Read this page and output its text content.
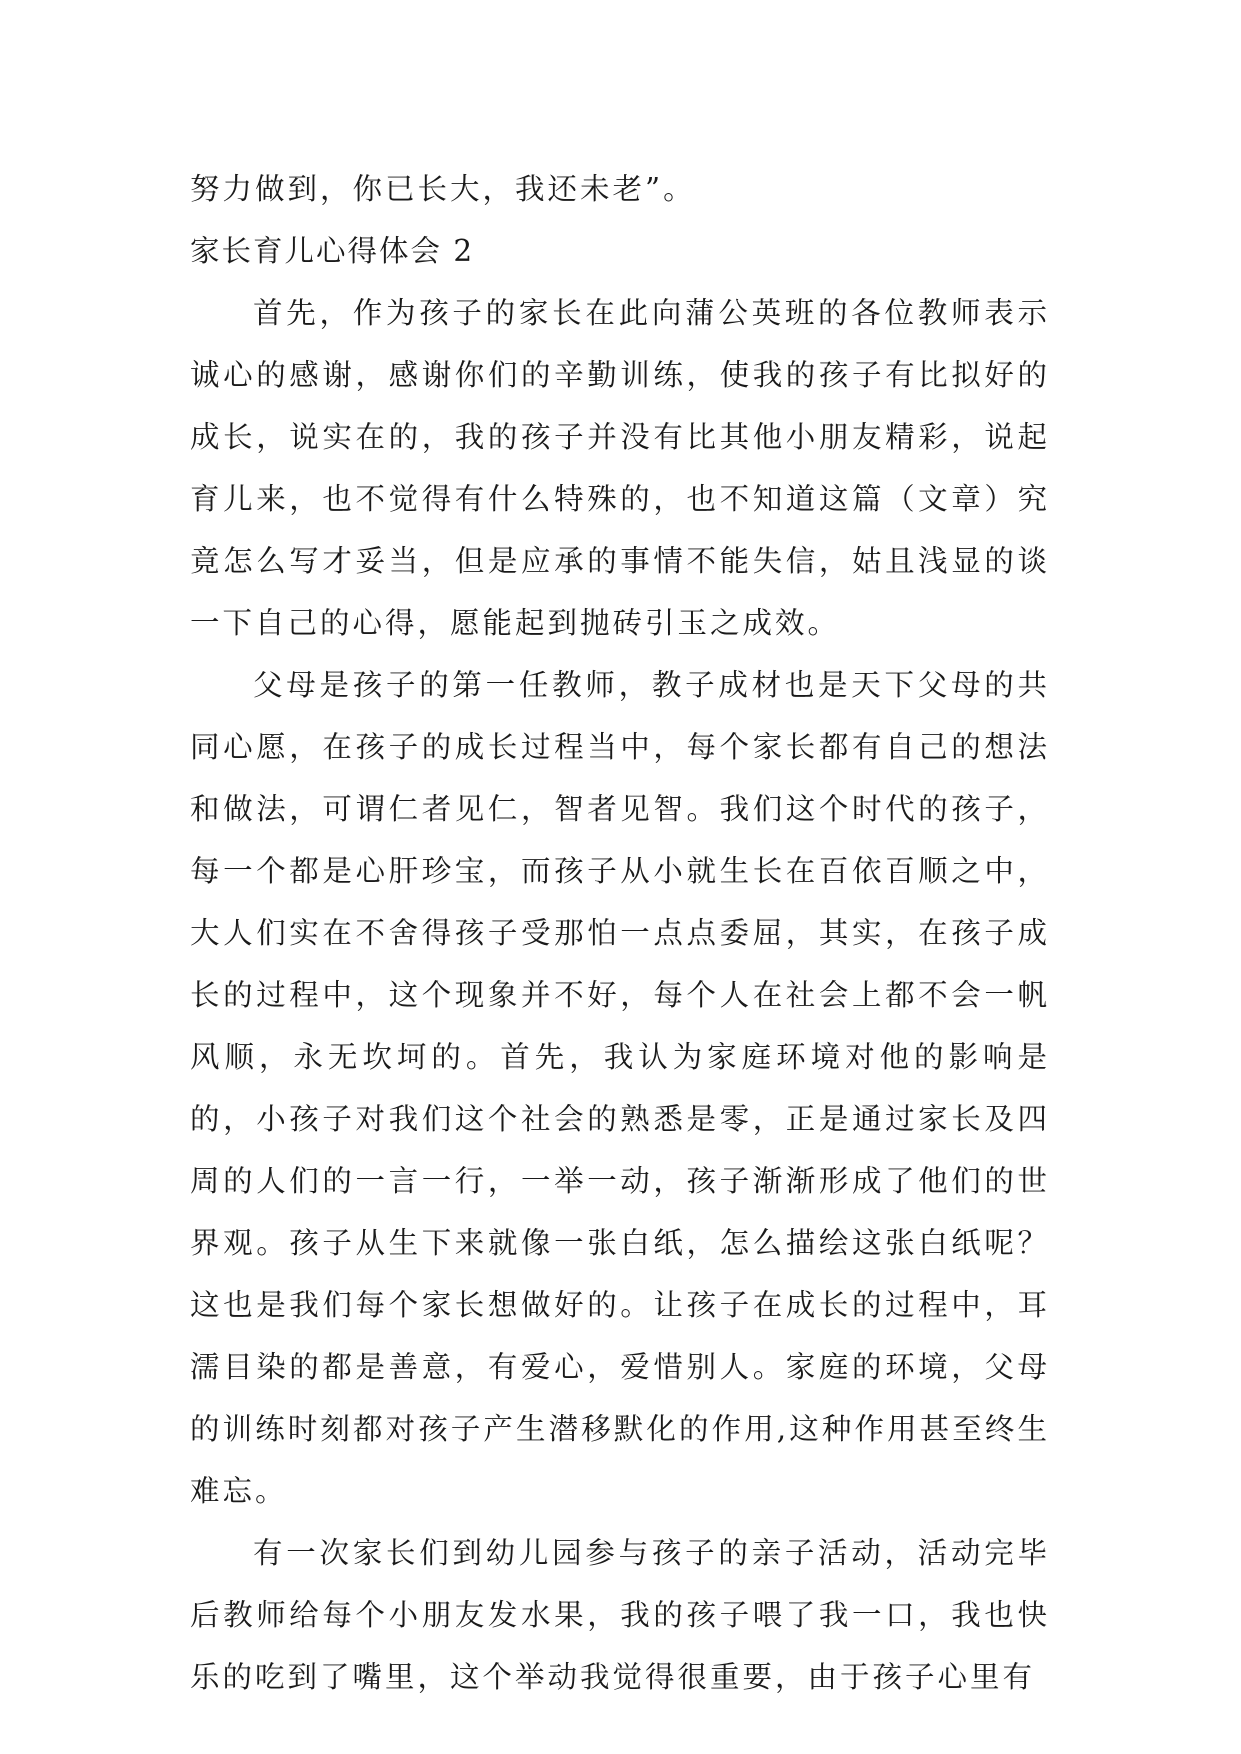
努力做到，你已长大，我还未老”。

家长育儿心得体会 2

首先，作为孩子的家长在此向蒲公英班的各位教师表示诚心的感谢，感谢你们的辛勤训练，使我的孩子有比拟好的成长，说实在的，我的孩子并没有比其他小朋友精彩，说起育儿来，也不觉得有什么特殊的，也不知道这篇（文章）究竟怎么写才妥当，但是应承的事情不能失信，姑且浅显的谈一下自己的心得，愿能起到抛砖引玉之成效。

父母是孩子的第一任教师，教子成材也是天下父母的共同心愿，在孩子的成长过程当中，每个家长都有自己的想法和做法，可谓仁者见仁，智者见智。我们这个时代的孩子，每一个都是心肝珍宝，而孩子从小就生长在百依百顺之中，大人们实在不舍得孩子受那怕一点点委屈，其实，在孩子成长的过程中，这个现象并不好，每个人在社会上都不会一帆风顺，永无坎坷的。首先，我认为家庭环境对他的影响是的，小孩子对我们这个社会的熟悉是零，正是通过家长及四周的人们的一言一行，一举一动，孩子渐渐形成了他们的世界观。孩子从生下来就像一张白纸，怎么描绘这张白纸呢？这也是我们每个家长想做好的。让孩子在成长的过程中，耳濡目染的都是善意，有爱心，爱惜别人。家庭的环境，父母的训练时刻都对孩子产生潜移默化的作用,这种作用甚至终生难忘。

有一次家长们到幼儿园参与孩子的亲子活动，活动完毕后教师给每个小朋友发水果，我的孩子喂了我一口，我也快乐的吃到了嘴里，这个举动我觉得很重要，由于孩子心里有
